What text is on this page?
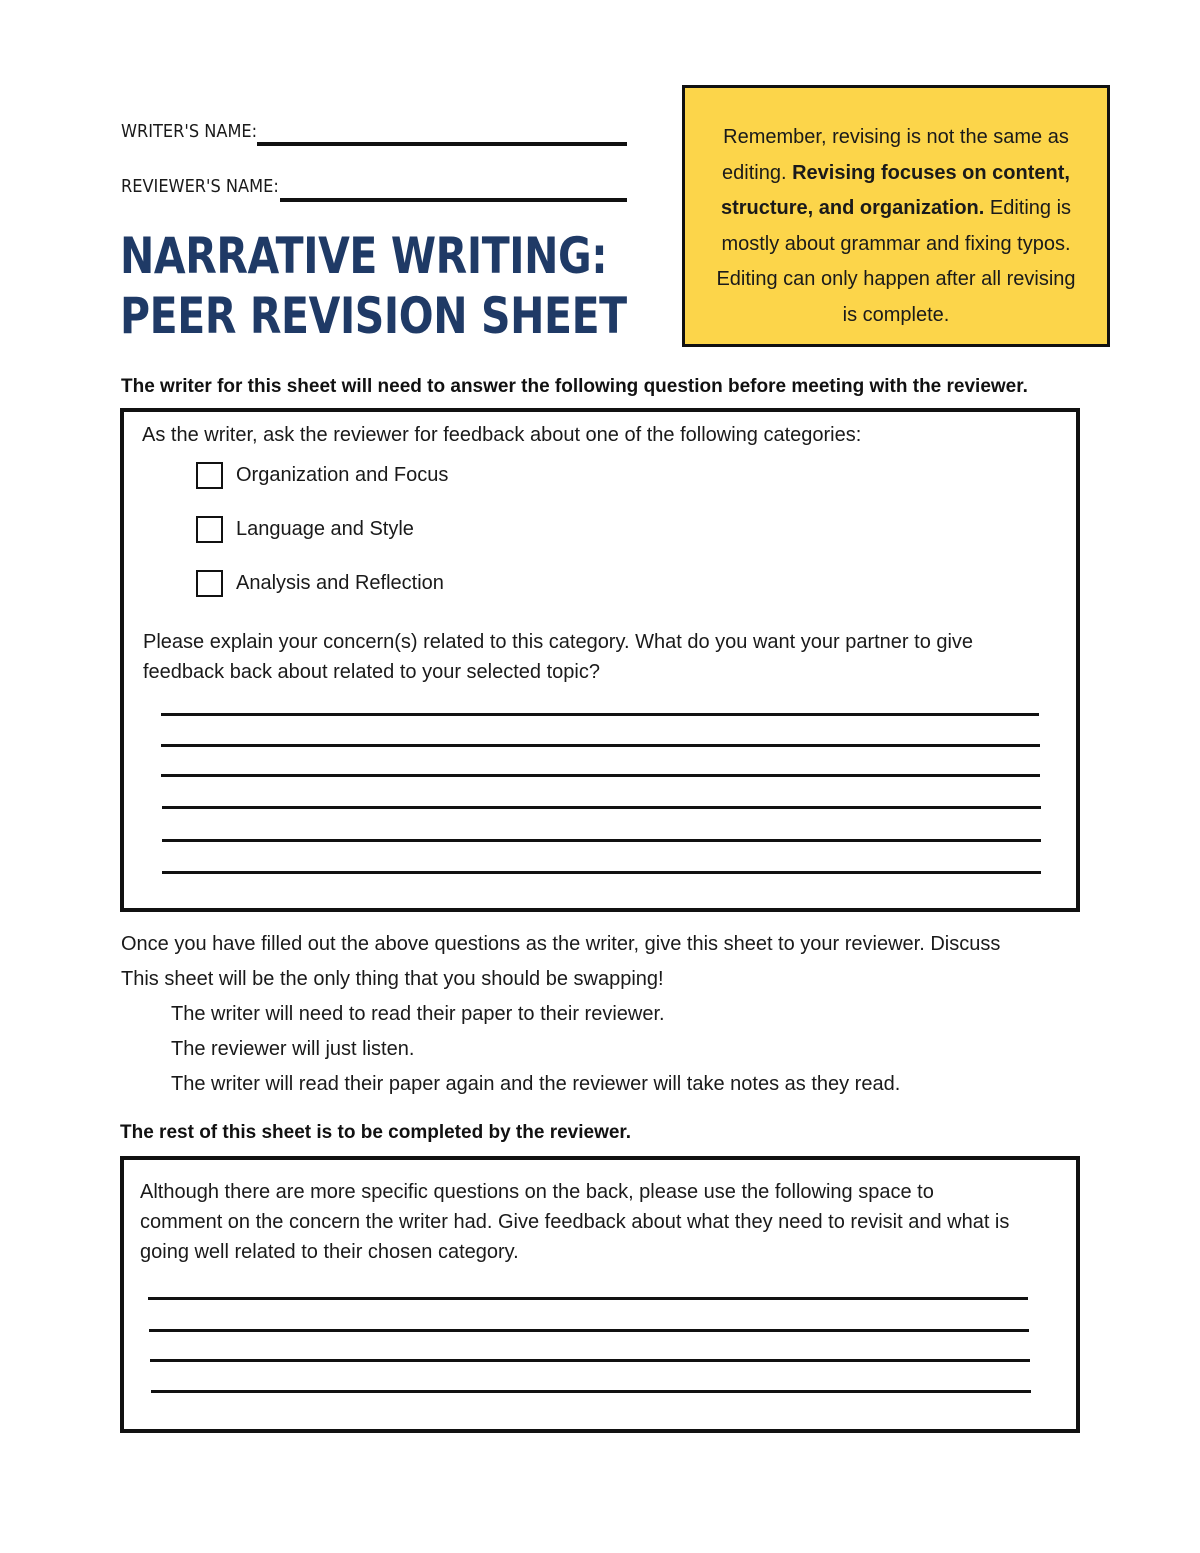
WRITER'S NAME:
REVIEWER'S NAME:
NARRATIVE WRITING:
PEER REVISION SHEET
Remember, revising is not the same as editing. Revising focuses on content, structure, and organization. Editing is mostly about grammar and fixing typos. Editing can only happen after all revising is complete.
The writer for this sheet will need to answer the following question before meeting with the reviewer.
As the writer, ask the reviewer for feedback about one of the following categories:
Organization and Focus
Language and Style
Analysis and Reflection
Please explain your concern(s) related to this category. What do you want your partner to give
feedback back about related to your selected topic?
Once you have filled out the above questions as the writer, give this sheet to your reviewer. Discuss
This sheet will be the only thing that you should be swapping!
The writer will need to read their paper to their reviewer.
The reviewer will just listen.
The writer will read their paper again and the reviewer will take notes as they read.
The rest of this sheet is to be completed by the reviewer.
Although there are more specific questions on the back, please use the following space to
comment on the concern the writer had. Give feedback about what they need to revisit and what is
going well related to their chosen category.
